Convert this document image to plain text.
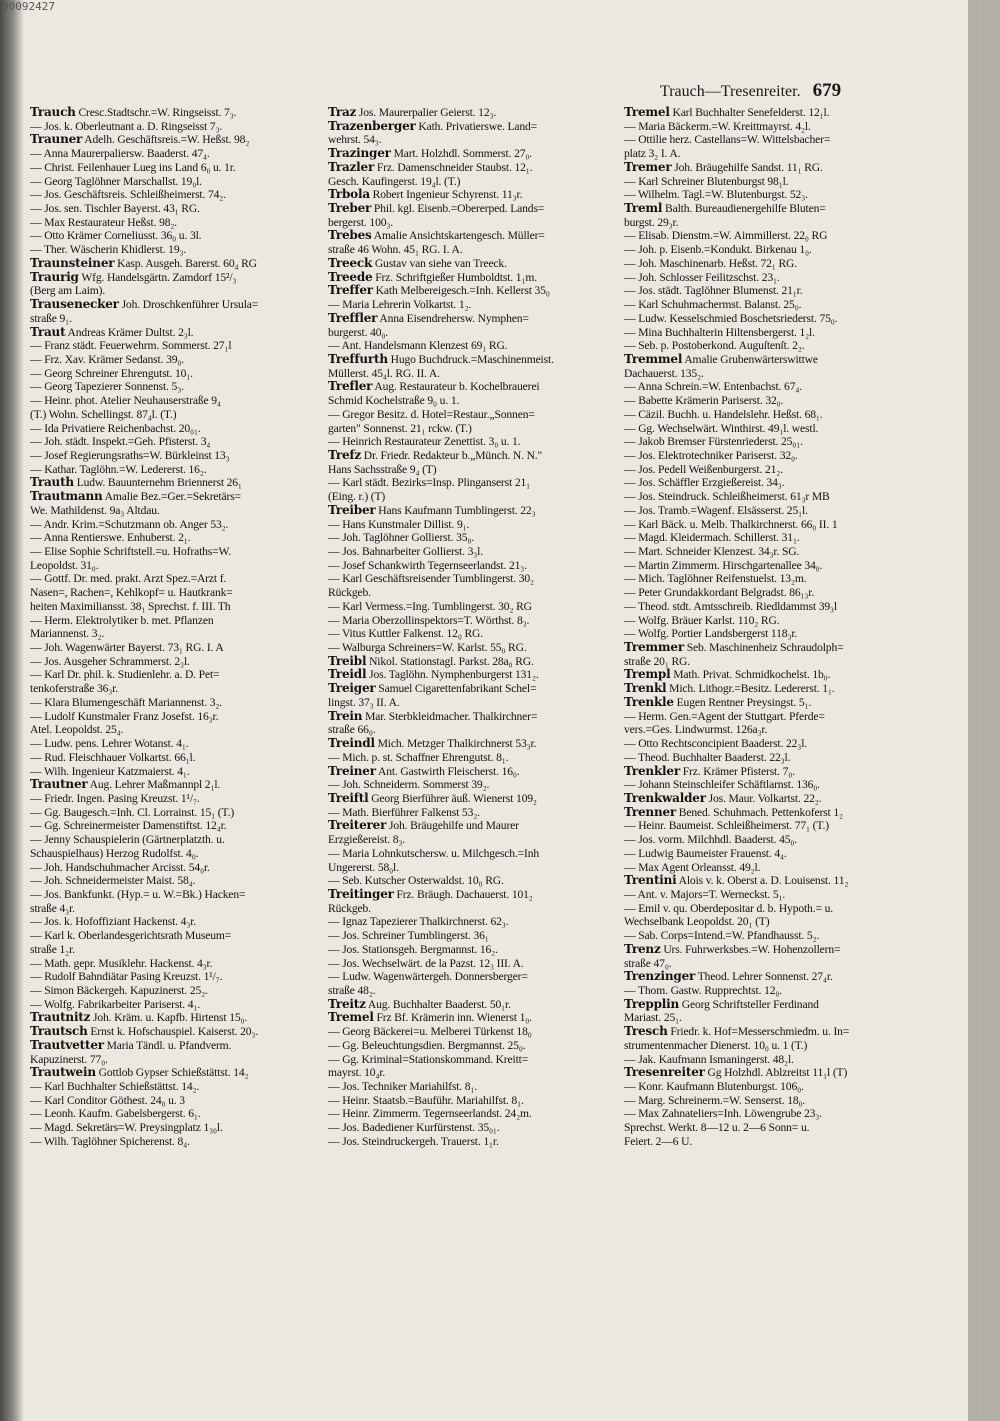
00092427
Trauch—Tresenreiter. 679
Trauch Cresc.Stadtschr.=W. Ringseisst. 7₃.
— Jos. k. Oberleutnant a. D. Ringseisst 7₃.
Trauner Adelh. Geschäftsreis.=W. Heßst. 98₂
— Anna Maurerpaliersw. Baaderst. 47₄.
— Christ. Feilenhauer Lueg ins Land 6₀ u. 1r.
— Georg Taglöhner Marschallst. 19₀l.
— Jos. Geschäftsreis. Schleißheimerst. 74₂.
— Jos. sen. Tischler Bayerst. 43₁ RG.
— Max Restaurateur Heßst. 98₂.
— Otto Krämer Corneliusst. 36₀ u. 3l.
— Ther. Wäscherin Khidlerst. 19₃.
Traunsteiner Kasp. Ausgeh. Barerst. 60₄ RG
Traurig Wfg. Handelsgärtn. Zamdorf 15²/₃
(Berg am Laim).
Trausenecker Joh. Droschkenführer Ursula=
straße 9₁.
Traut Andreas Krämer Dultst. 2₃l.
— Franz städt. Feuerwehrm. Sommerst. 27₁l
— Frz. Xav. Krämer Sedanst. 39₀.
— Georg Schreiner Ehrengutst. 10₁.
— Georg Tapezierer Sonnenst. 5₃.
— Heinr. phot. Atelier Neuhauserstraße 9₄
(T.) Wohn. Schellingst. 87₄l. (T.)
— Ida Privatiere Reichenbachst. 20₀₁.
— Joh. städt. Inspekt.=Geh. Pfisterst. 3₄
— Josef Regierungsraths=W. Bürkleinst 13₃
— Kathar. Taglöhn.=W. Ledererst. 16₂.
Trauth Ludw. Bauunternehm Briennerst 26₁
Trautmann Amalie Bez.=Ger.=Sekretärs=
We. Mathildenst. 9a₃ Altdau.
— Andr. Krim.=Schutzmann ob. Anger 53₂.
— Anna Rentierswe. Enhuberst. 2₁.
— Elise Sophie Schriftstell.=u. Hofraths=W.
Leopoldst. 31₀.
— Gottf. Dr. med. prakt. Arzt Spez.=Arzt f.
Nasen=, Rachen=, Kehlkopf= u. Hautkrank=
heiten Maximiliansst. 38₁ Sprechst. f. III. Th
— Herm. Elektrolytiker b. met. Pflanzen
Mariannenst. 3₂.
— Joh. Wagenwärter Bayerst. 73₁ RG. I. A
— Jos. Ausgeher Schrammerst. 2₃l.
— Karl Dr. phil. k. Studienlehr. a. D. Pet=
tenkoferstraße 36₃r.
— Klara Blumengeschäft Mariannenst. 3₂.
— Ludolf Kunstmaler Franz Josefst. 16₃r.
Atel. Leopoldst. 25₄.
— Ludw. pens. Lehrer Wotanst. 4₁.
— Rud. Fleischhauer Volkartst. 66₁l.
— Wilh. Ingenieur Katzmaierst. 4₁.
Trautner Aug. Lehrer Maßmannpl 2₁l.
— Friedr. Ingen. Pasing Kreuzst. 1¹/₇.
— Gg. Baugesch.=Inh. Cl. Lorrainst. 15₁ (T.)
— Gg. Schreinermeister Damenstiftst. 12₄r.
— Jenny Schauspielerin (Gärtnerplatzth. u.
Schauspielhaus) Herzog Rudolfst. 4₀.
— Joh. Handschuhmacher Arcisst. 54₀r.
— Joh. Schneidermeister Maist. 58₄.
— Jos. Bankfunkt. (Hyp.= u. W.=Bk.) Hacken=
straße 4₃r.
— Jos. k. Hofoffiziant Hackenst. 4₃r.
— Karl k. Oberlandesgerichtsrath Museum=
straße 1₂r.
— Math. gepr. Musiklehr. Hackenst. 4₃r.
— Rudolf Bahndiätar Pasing Kreuzst. 1¹/₇.
— Simon Bäckergeh. Kapuzinerst. 25₂.
— Wolfg. Fabrikarbeiter Pariserst. 4₁.
Trautnitz Joh. Kräm. u. Kapfb. Hirtenst 15₀.
Trautsch Ernst k. Hofschauspiel. Kaiserst. 20₃.
Trautvetter Maria Tändl. u. Pfandverm.
Kapuzinerst. 77₀.
Trautwein Gottlob Gypser Schießstättst. 14₂
— Karl Buchhalter Schießstättst. 14₂.
— Karl Conditor Göthest. 24₀ u. 3
— Leonh. Kaufm. Gabelsbergerst. 6₁.
— Magd. Sekretärs=W. Preysingplatz 1₃₀l.
— Wilh. Taglöhner Spicherenst. 8₄.
Traz Jos. Maurerpalier Geierst. 12₃.
Trazenberger Kath. Privatierswe. Land=
wehrst. 54₃.
Trazinger Mart. Holzhdl. Sommerst. 27₀.
Trazler Frz. Damenschneider Staubst. 12₁.
Gesch. Kaufingerst. 19₄l. (T.)
Trbola Robert Ingenieur Schyrenst. 11₃r.
Treber Phil. kgl. Eisenb.=Obererped. Lands=
bergerst. 100₃.
Trebes Amalie Ansichtskartengesch. Müller=
straße 46 Wohn. 45₁ RG. I. A.
Treeck Gustav van siehe van Treeck.
Treede Frz. Schriftgießer Humboldtst. 1₁m.
Treffer Kath Melbereigesch.=Inh. Kellerst 35₀
— Maria Lehrerin Volkartst. 1₂.
Treffler Anna Eisendrehersw. Nymphen=
burgerst. 40₀.
— Ant. Handelsmann Klenzest 69₁ RG.
Treffurth Hugo Buchdruck.=Maschinenmeist.
Müllerst. 45₄l. RG. II. A.
Trefler Aug. Restaurateur b. Kochelbrauerei
Schmid Kochelstraße 9₀ u. 1.
— Gregor Besitz. d. Hotel=Restaur.„Sonnen=
garten" Sonnenst. 21₁ rckw. (T.)
— Heinrich Restaurateur Zenettist. 3₀ u. 1.
Trefz Dr. Friedr. Redakteur b.„Münch. N. N."
Hans Sachsstraße 9₄ (T)
— Karl städt. Bezirks=Insp. Plinganserst 21₁
(Eing. r.) (T)
Treiber Hans Kaufmann Tumblingerst. 22₃
— Hans Kunstmaler Dillist. 9₁.
— Joh. Taglöhner Gollierst. 35₀.
— Jos. Bahnarbeiter Gollierst. 3₃l.
— Josef Schankwirth Tegernseerlandst. 21₃.
— Karl Geschäftsreisender Tumblingerst. 30₂
Rückgeb.
— Karl Vermess.=Ing. Tumblingerst. 30₂ RG
— Maria Oberzollinspektors=T. Wörthst. 8₃.
— Vitus Kuttler Falkenst. 12₀ RG.
— Walburga Schreiners=W. Karlst. 55₀ RG.
Treibl Nikol. Stationstagl. Parkst. 28a₀ RG.
Treidl Jos. Taglöhn. Nymphenburgerst 131₂.
Treiger Samuel Cigarettenfabrikant Schel=
lingst. 37₃ II. A.
Trein Mar. Sterbkleidmacher. Thalkirchner=
straße 66₀.
Treindl Mich. Metzger Thalkirchnerst 53₃r.
— Mich. p. st. Schaffner Ehrengutst. 8₁.
Treiner Ant. Gastwirth Fleischerst. 16₀.
— Joh. Schneiderm. Sommerst 39₂.
Treiftl Georg Bierführer äuß. Wienerst 109₂
— Math. Bierführer Falkenst 53₂.
Treiterer Joh. Bräugehilfe und Maurer
Erzgießereist. 8₃.
— Maria Lohnkutschersw. u. Milchgesch.=Inh
Ungererst. 58₀l.
— Seb. Kutscher Osterwaldst. 10₀ RG.
Treitinger Frz. Bräugh. Dachauerst. 101₂
Rückgeb.
— Ignaz Tapezierer Thalkirchnerst. 62₃.
— Jos. Schreiner Tumblingerst. 36₁
— Jos. Stationsgeh. Bergmannst. 16₂.
— Jos. Wechselwärt. de la Pazst. 12₃ III. A.
— Ludw. Wagenwärtergeh. Donnersberger=
straße 48₂.
Treitz Aug. Buchhalter Baaderst. 50₁r.
Tremel Frz Bf. Krämerin inn. Wienerst 1₀.
— Georg Bäckerei=u. Melberei Türkenst 18₀
— Gg. Beleuchtungsdien. Bergmannst. 25₀.
— Gg. Kriminal=Stationskommand. Kreitt=
mayrst. 10₄r.
— Jos. Techniker Mariahilfst. 8₁.
— Heinr. Staatsb.=Bauführ. Mariahilfst. 8₁.
— Heinr. Zimmerm. Tegernseerlandst. 24₂m.
— Jos. Badediener Kurfürstenst. 35₀₁.
— Jos. Steindruckergeh. Trauerst. 1₁r.
Tremel Karl Buchhalter Senefelderst. 12₁l.
— Maria Bäckerm.=W. Kreittmayrst. 4₂l.
— Ottilie herz. Castellans=W. Wittelsbacher=
platz 3₂ I. A.
Tremer Joh. Bräugehilfe Sandst. 11₁ RG.
— Karl Schreiner Blutenburgst 98₁l.
— Wilhelm. Tagl.=W. Blutenburgst. 52₃.
Treml Balth. Bureaudienergehilfe Bluten=
burgst. 29₃r.
— Elisab. Dienstm.=W. Aimmillerst. 22₀ RG
— Joh. p. Eisenb.=Kondukt. Birkenau 1₀.
— Joh. Maschinenarb. Heßst. 72₁ RG.
— Joh. Schlosser Feilitzschst. 23₁.
— Jos. städt. Taglöhner Blumenst. 21₁r.
— Karl Schuhmachermst. Balanst. 25₀.
— Ludw. Kesselschmied Boschetsriederst. 75₀.
— Mina Buchhalterin Hiltensbergerst. 1₂l.
— Seb. p. Postoberkond. Auguſtenſt. 2₂.
Tremmel Amalie Grubenwärterswittwe
Dachauerst. 135₂.
— Anna Schrein.=W. Entenbachst. 67₄.
— Babette Krämerin Pariserst. 32₀.
— Cäzil. Buchh. u. Handelslehr. Heßst. 68₁.
— Gg. Wechselwärt. Winthirst. 49₁l. westl.
— Jakob Bremser Fürstenriederst. 25₀₁.
— Jos. Elektrotechniker Pariserst. 32₀.
— Jos. Pedell Weißenburgerst. 21₂.
— Jos. Schäffler Erzgießereist. 34₃.
— Jos. Steindruck. Schleißheimerst. 61₃r MB
— Jos. Tramb.=Wagenf. Elsässerst. 25₁l.
— Karl Bäck. u. Melb. Thalkirchnerst. 66₀ II. 1
— Magd. Kleidermach. Schillerst. 31₁.
— Mart. Schneider Klenzest. 34₃r. SG.
— Martin Zimmerm. Hirschgartenallee 34₀.
— Mich. Taglöhner Reifenstuelst. 13₂m.
— Peter Grundakkordant Belgradst. 86₁₃r.
— Theod. stdt. Amtsschreib. Riedldammst 39₃l
— Wolfg. Bräuer Karlst. 110₂ RG.
— Wolfg. Portier Landsbergerst 118₃r.
Tremmer Seb. Maschinenheiz Schraudolph=
straße 20₁ RG.
Trempl Math. Privat. Schmidkochelst. 1b₀.
Trenkl Mich. Lithogr.=Besitz. Ledererst. 1₁.
Trenkle Eugen Rentner Preysingst. 5₁.
— Herm. Gen.=Agent der Stuttgart. Pferde=
vers.=Ges. Lindwurmst. 126a₃r.
— Otto Rechtsconcipient Baaderst. 22₃l.
— Theod. Buchhalter Baaderst. 22₃l.
Trenkler Frz. Krämer Pfisterst. 7₀.
— Johann Steinschleifer Schäftlarnst. 136₀.
Trenkwalder Jos. Maur. Volkartst. 22₂.
Trenner Bened. Schuhmach. Pettenkoferst 1₂
— Heinr. Baumeist. Schleißheimerst. 77₁ (T.)
— Jos. vorm. Milchhdl. Baaderst. 45₀.
— Ludwig Baumeister Frauenst. 4₄.
— Max Agent Orleansst. 49₂l.
Trentini Alois v. k. Oberst a. D. Louisenst. 11₂
— Ant. v. Majors=T. Werneckst. 5₁.
— Emil v. qu. Oberdepositar d. b. Hypoth.= u.
Wechselbank Leopoldst. 20₁ (T)
— Sab. Corps=Intend.=W. Pfandhausst. 5₂.
Trenz Urs. Fuhrwerksbes.=W. Hohenzollern=
straße 47₀.
Trenzinger Theod. Lehrer Sonnenst. 27₄r.
— Thom. Gastw. Rupprechtst. 12₀.
Trepplin Georg Schriftsteller Ferdinand
Mariast. 25₁.
Tresch Friedr. k. Hof=Messerschmiedm. u. In=
strumentenmacher Dienerst. 10₀ u. 1 (T.)
— Jak. Kaufmann Ismaningerst. 48₂l.
Tresenreiter Gg Holzhdl. Ablzreitst 11₁l (T)
— Konr. Kaufmann Blutenburgst. 106₀.
— Marg. Schreinerm.=W. Senserst. 18₀.
— Max Zahnateliers=Inh. Löwengrube 23₃.
Sprechst. Werkt. 8—12 u. 2—6 Sonn= u.
Feiert. 2—6 U.
